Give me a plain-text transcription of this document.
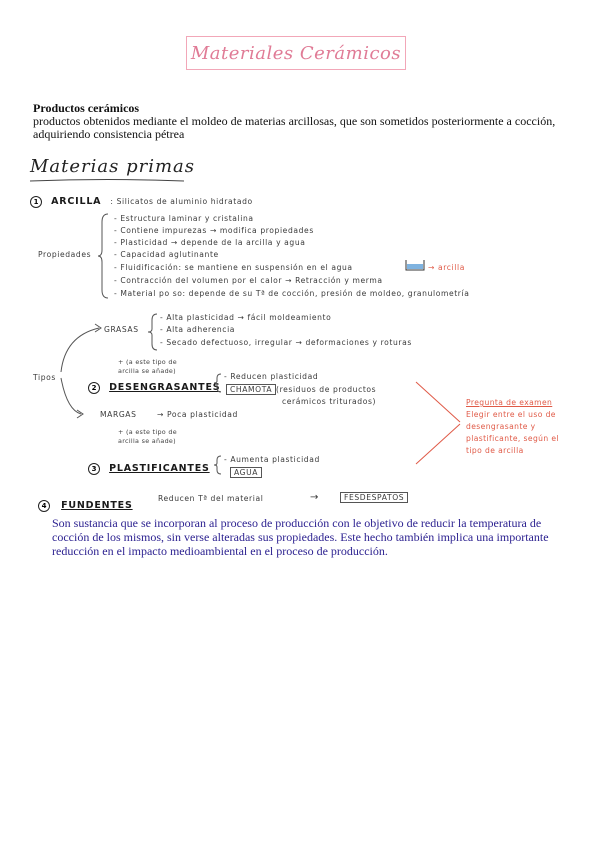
Materiales Cerámicos
Productos cerámicos
productos obtenidos mediante el moldeo de materias arcillosas, que son sometidos posteriormente a cocción,
adquiriendo consistencia pétrea
Materias primas
1 ARCILLA : Silicatos de aluminio hidratado
Propiedades
- Estructura laminar y cristalina
- Contiene impurezas → modifica propiedades
- Plasticidad → depende de la arcilla y agua
- Capacidad aglutinante
- Fluidificación: se mantiene en suspensión en el agua	→ arcilla
- Contracción del volumen por el calor → Retracción y merma
- Material po so: depende de su Tª de cocción, presión de moldeo, granulometría
Tipos
GRASAS
- Alta plasticidad → fácil moldeamiento
- Alta adherencia
- Secado defectuoso, irregular → deformaciones y roturas
+ (a este tipo de arcilla se añade)
2 DESENGRASANTES
- Reducen plasticidad
CHAMOTA (residuos de productos
cerámicos triturados)
MARGAS	→ Poca plasticidad
+ (a este tipo de arcilla se añade)
3 PLASTIFICANTES
- Aumenta plasticidad
AGUA
Pregunta de examen
Elegir entre el uso de
desengrasante y
plastificante, según el
tipo de arcilla
4 FUNDENTES
Reducen Tª del material	→	FESDESPATOS
Son sustancia que se incorporan al proceso de producción con le objetivo de reducir la temperatura de cocción de los mismos, sin verse alteradas sus propiedades. Este hecho también implica una importante reducción en el impacto medioambiental en el proceso de producción.
